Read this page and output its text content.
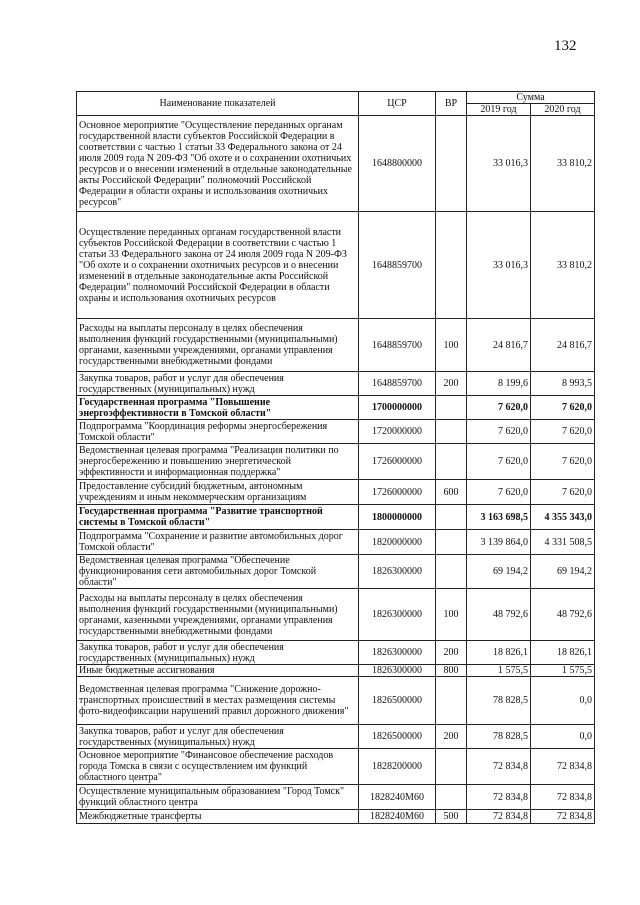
132
Наименование показателей	ЦСР	ВР	Сумма	
			2019 год	2020 год
Основное мероприятие "Осуществление переданных органам государственной власти субъектов Российской Федерации в соответствии с частью 1 статьи 33 Федерального закона от 24 июля 2009 года N 209-ФЗ "Об охоте и о сохранении охотничьих ресурсов и о внесении изменений в отдельные законодательные акты Российской Федерации" полномочий Российской Федерации в области охраны и использования охотничьих ресурсов"	1648800000		33 016,3	33 810,2
Осуществление переданных органам государственной власти субъектов Российской Федерации в соответствии с частью 1 статьи 33 Федерального закона от 24 июля 2009 года N 209-ФЗ "Об охоте и о сохранении охотничьих ресурсов и о внесении изменений в отдельные законодательные акты Российской Федерации" полномочий Российской Федерации в области охраны и использования охотничьих ресурсов	1648859700		33 016,3	33 810,2
Расходы на выплаты персоналу в целях обеспечения выполнения функций государственными (муниципальными) органами, казенными учреждениями, органами управления государственными внебюджетными фондами	1648859700	100	24 816,7	24 816,7
Закупка товаров, работ и услуг для обеспечения государственных (муниципальных) нужд	1648859700	200	8 199,6	8 993,5
Государственная программа "Повышение энергоэффективности в Томской области"	1700000000		7 620,0	7 620,0
Подпрограмма "Координация реформы энергосбережения Томской области"	1720000000		7 620,0	7 620,0
Ведомственная целевая программа "Реализация политики по энергосбережению и повышению энергетической эффективности и информационная поддержка"	1726000000		7 620,0	7 620,0
Предоставление субсидий бюджетным, автономным учреждениям и иным некоммерческим организациям	1726000000	600	7 620,0	7 620,0
Государственная программа "Развитие транспортной системы в Томской области"	1800000000		3 163 698,5	4 355 343,0
Подпрограмма "Сохранение и развитие автомобильных дорог Томской области"	1820000000		3 139 864,0	4 331 508,5
Ведомственная целевая программа "Обеспечение функционирования сети автомобильных дорог Томской области"	1826300000		69 194,2	69 194,2
Расходы на выплаты персоналу в целях обеспечения выполнения функций государственными (муниципальными) органами, казенными учреждениями, органами управления государственными внебюджетными фондами	1826300000	100	48 792,6	48 792,6
Закупка товаров, работ и услуг для обеспечения государственных (муниципальных) нужд	1826300000	200	18 826,1	18 826,1
Иные бюджетные ассигнования	1826300000	800	1 575,5	1 575,5
Ведомственная целевая программа "Снижение дорожно-транспортных происшествий в местах размещения системы фото-видеофиксации нарушений правил дорожного движения"	1826500000		78 828,5	0,0
Закупка товаров, работ и услуг для обеспечения государственных (муниципальных) нужд	1826500000	200	78 828,5	0,0
Основное мероприятие "Финансовое обеспечение расходов города Томска в связи с осуществлением им функций областного центра"	1828200000		72 834,8	72 834,8
Осуществление муниципальным образованием "Город Томск" функций областного центра	1828240М60		72 834,8	72 834,8
Межбюджетные трансферты	1828240М60	500	72 834,8	72 834,8
